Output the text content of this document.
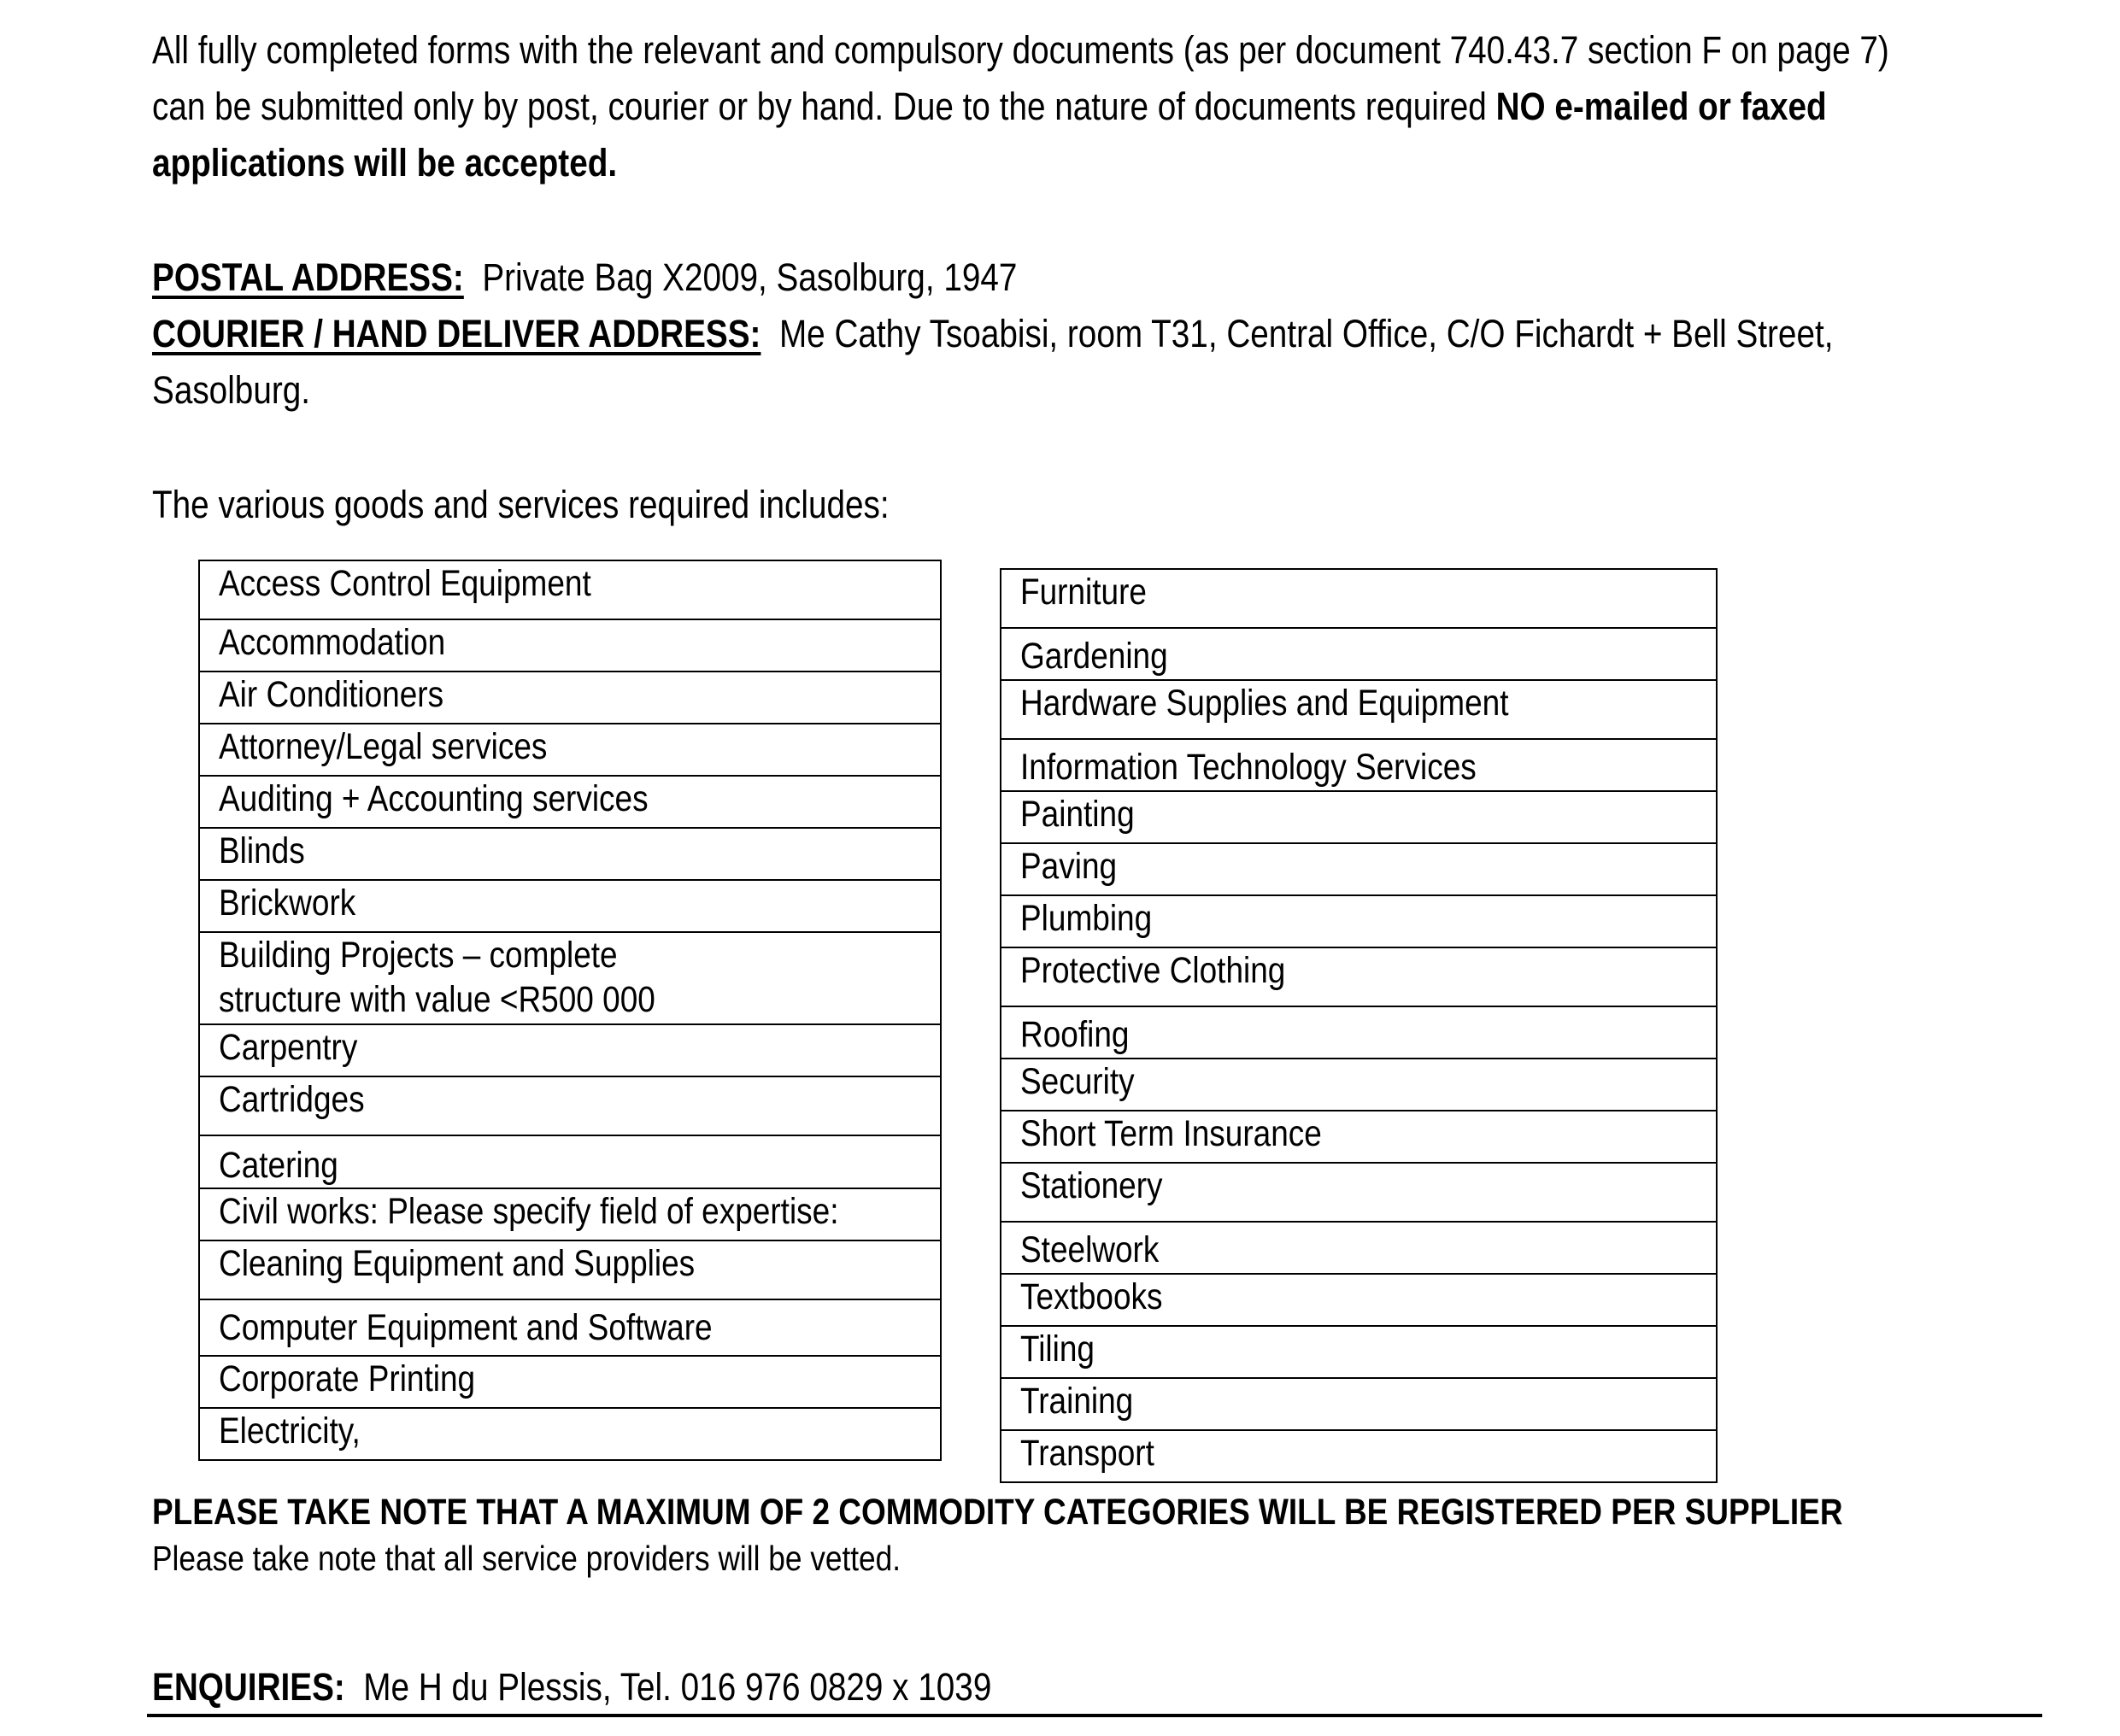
All fully completed forms with the relevant and compulsory documents (as per document 740.43.7 section F on page 7)
can be submitted only by post, courier or by hand. Due to the nature of documents required NO e-mailed or faxed
applications will be accepted.
POSTAL ADDRESS: Private Bag X2009, Sasolburg, 1947
COURIER / HAND DELIVER ADDRESS: Me Cathy Tsoabisi, room T31, Central Office, C/O Fichardt + Bell Street,
Sasolburg.
The various goods and services required includes:
Access Control Equipment
Accommodation
Air Conditioners
Attorney/Legal services
Auditing + Accounting services
Blinds
Brickwork
Building Projects – complete
structure with value <R500 000
Carpentry
Cartridges
Catering
Civil works: Please specify field of expertise:
Cleaning Equipment and Supplies
Computer Equipment and Software
Corporate Printing
Electricity,
Furniture
Gardening
Hardware Supplies and Equipment
Information Technology Services
Painting
Paving
Plumbing
Protective Clothing
Roofing
Security
Short Term Insurance
Stationery
Steelwork
Textbooks
Tiling
Training
Transport
PLEASE TAKE NOTE THAT A MAXIMUM OF 2 COMMODITY CATEGORIES WILL BE REGISTERED PER SUPPLIER
Please take note that all service providers will be vetted.
ENQUIRIES: Me H du Plessis, Tel. 016 976 0829 x 1039
